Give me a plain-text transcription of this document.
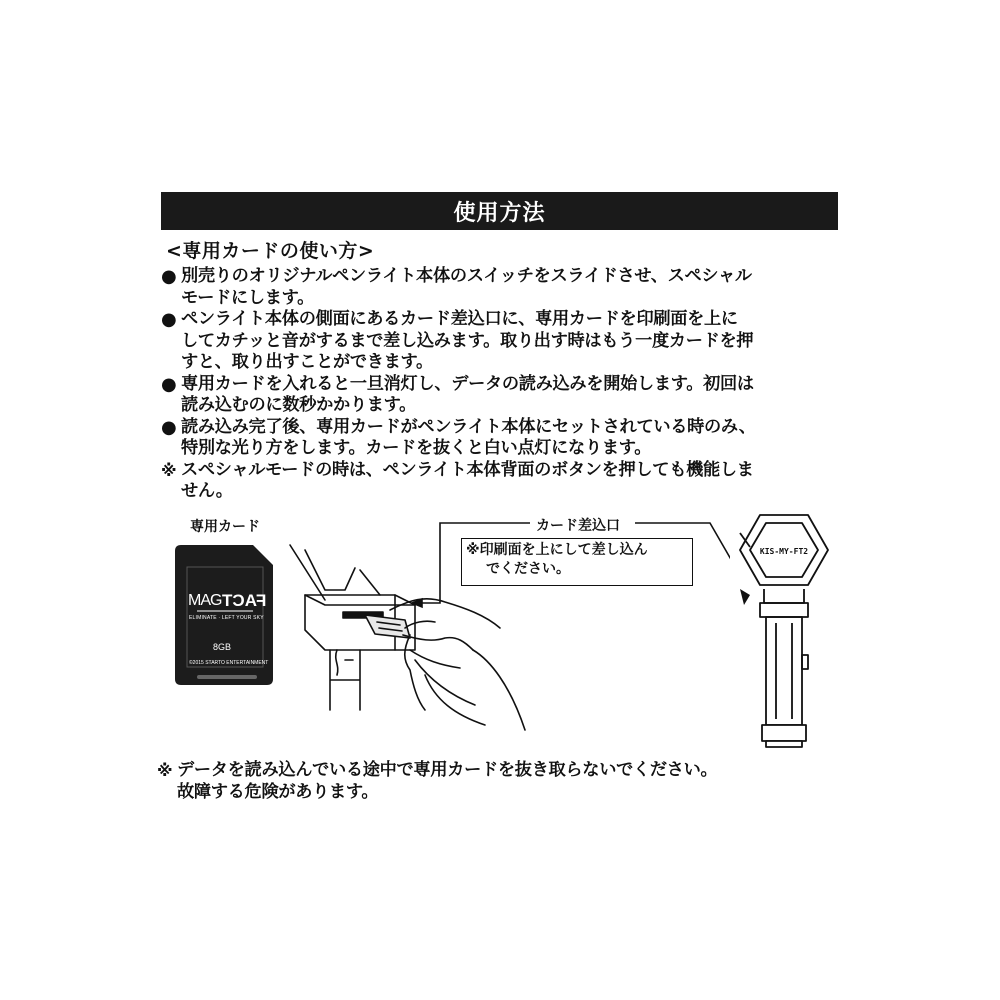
使用方法
<専用カードの使い方>
● 別売りのオリジナルペンライト本体のスイッチをスライドさせ、スペシャル
モードにします。
● ペンライト本体の側面にあるカード差込口に、専用カードを印刷面を上に
してカチッと音がするまで差し込みます。取り出す時はもう一度カードを押
すと、取り出すことができます。
● 専用カードを入れると一旦消灯し、データの読み込みを開始します。初回は
読み込むのに数秒かかります。
● 読み込み完了後、専用カードがペンライト本体にセットされている時のみ、
特別な光り方をします。カードを抜くと白い点灯になります。
※ スペシャルモードの時は、ペンライト本体背面のボタンを押しても機能しま
せん。
専用カード
MAG FACT
ELIMINATE · LEFT YOUR SKY
8GB
©2015 STARTO ENTERTAINMENT
カード差込口
※印刷面を上にして差し込ん
でください。
KIS-MY-FT2
※ データを読み込んでいる途中で専用カードを抜き取らないでください。
故障する危険があります。
